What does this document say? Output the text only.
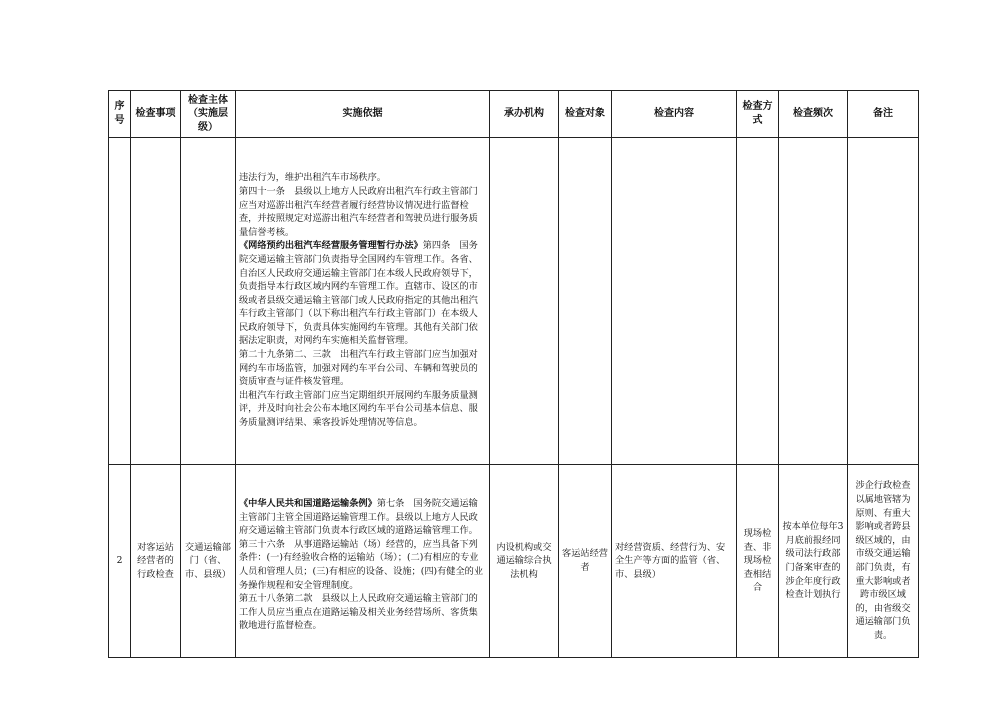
序号	检查事项	检查主体（实施层级）	实施依据	承办机构	检查对象	检查内容	检查方式	检查频次	备注

			违法行为，维护出租汽车市场秩序。

第四十一条　县级以上地方人民政府出租汽车行政主管部门应当对巡游出租汽车经营者履行经营协议情况进行监督检查，并按照规定对巡游出租汽车经营者和驾驶员进行服务质量信誉考核。

《网络预约出租汽车经营服务管理暂行办法》第四条　国务院交通运输主管部门负责指导全国网约车管理工作。各省、自治区人民政府交通运输主管部门在本级人民政府领导下，负责指导本行政区域内网约车管理工作。直辖市、设区的市级或者县级交通运输主管部门或人民政府指定的其他出租汽车行政主管部门（以下称出租汽车行政主管部门）在本级人民政府领导下，负责具体实施网约车管理。其他有关部门依据法定职责，对网约车实施相关监督管理。

第二十九条第二、三款　出租汽车行政主管部门应当加强对网约车市场监管，加强对网约车平台公司、车辆和驾驶员的资质审查与证件核发管理。

出租汽车行政主管部门应当定期组织开展网约车服务质量测评，并及时向社会公布本地区网约车平台公司基本信息、服务质量测评结果、乘客投诉处理情况等信息。						

2	对客运站经营者的行政检查	交通运输部门（省、市、县级）	《中华人民共和国道路运输条例》第七条　国务院交通运输主管部门主管全国道路运输管理工作。县级以上地方人民政府交通运输主管部门负责本行政区域的道路运输管理工作。

第三十六条　从事道路运输站（场）经营的，应当具备下列条件：(一)有经验收合格的运输站（场）；(二)有相应的专业人员和管理人员；(三)有相应的设备、设施；(四)有健全的业务操作规程和安全管理制度。

第五十八条第二款　县级以上人民政府交通运输主管部门的工作人员应当重点在道路运输及相关业务经营场所、客货集散地进行监督检查。	内设机构或交通运输综合执法机构	客运站经营者	对经营资质、经营行为、安全生产等方面的监管（省、市、县级）	现场检查、非现场检查相结合	按本单位每年3月底前报经同级司法行政部门备案审查的涉企年度行政检查计划执行	涉企行政检查以属地管辖为原则、有重大影响或者跨县级区域的，由市级交通运输部门负责，有重大影响或者跨市级区域的，由省级交通运输部门负责。
